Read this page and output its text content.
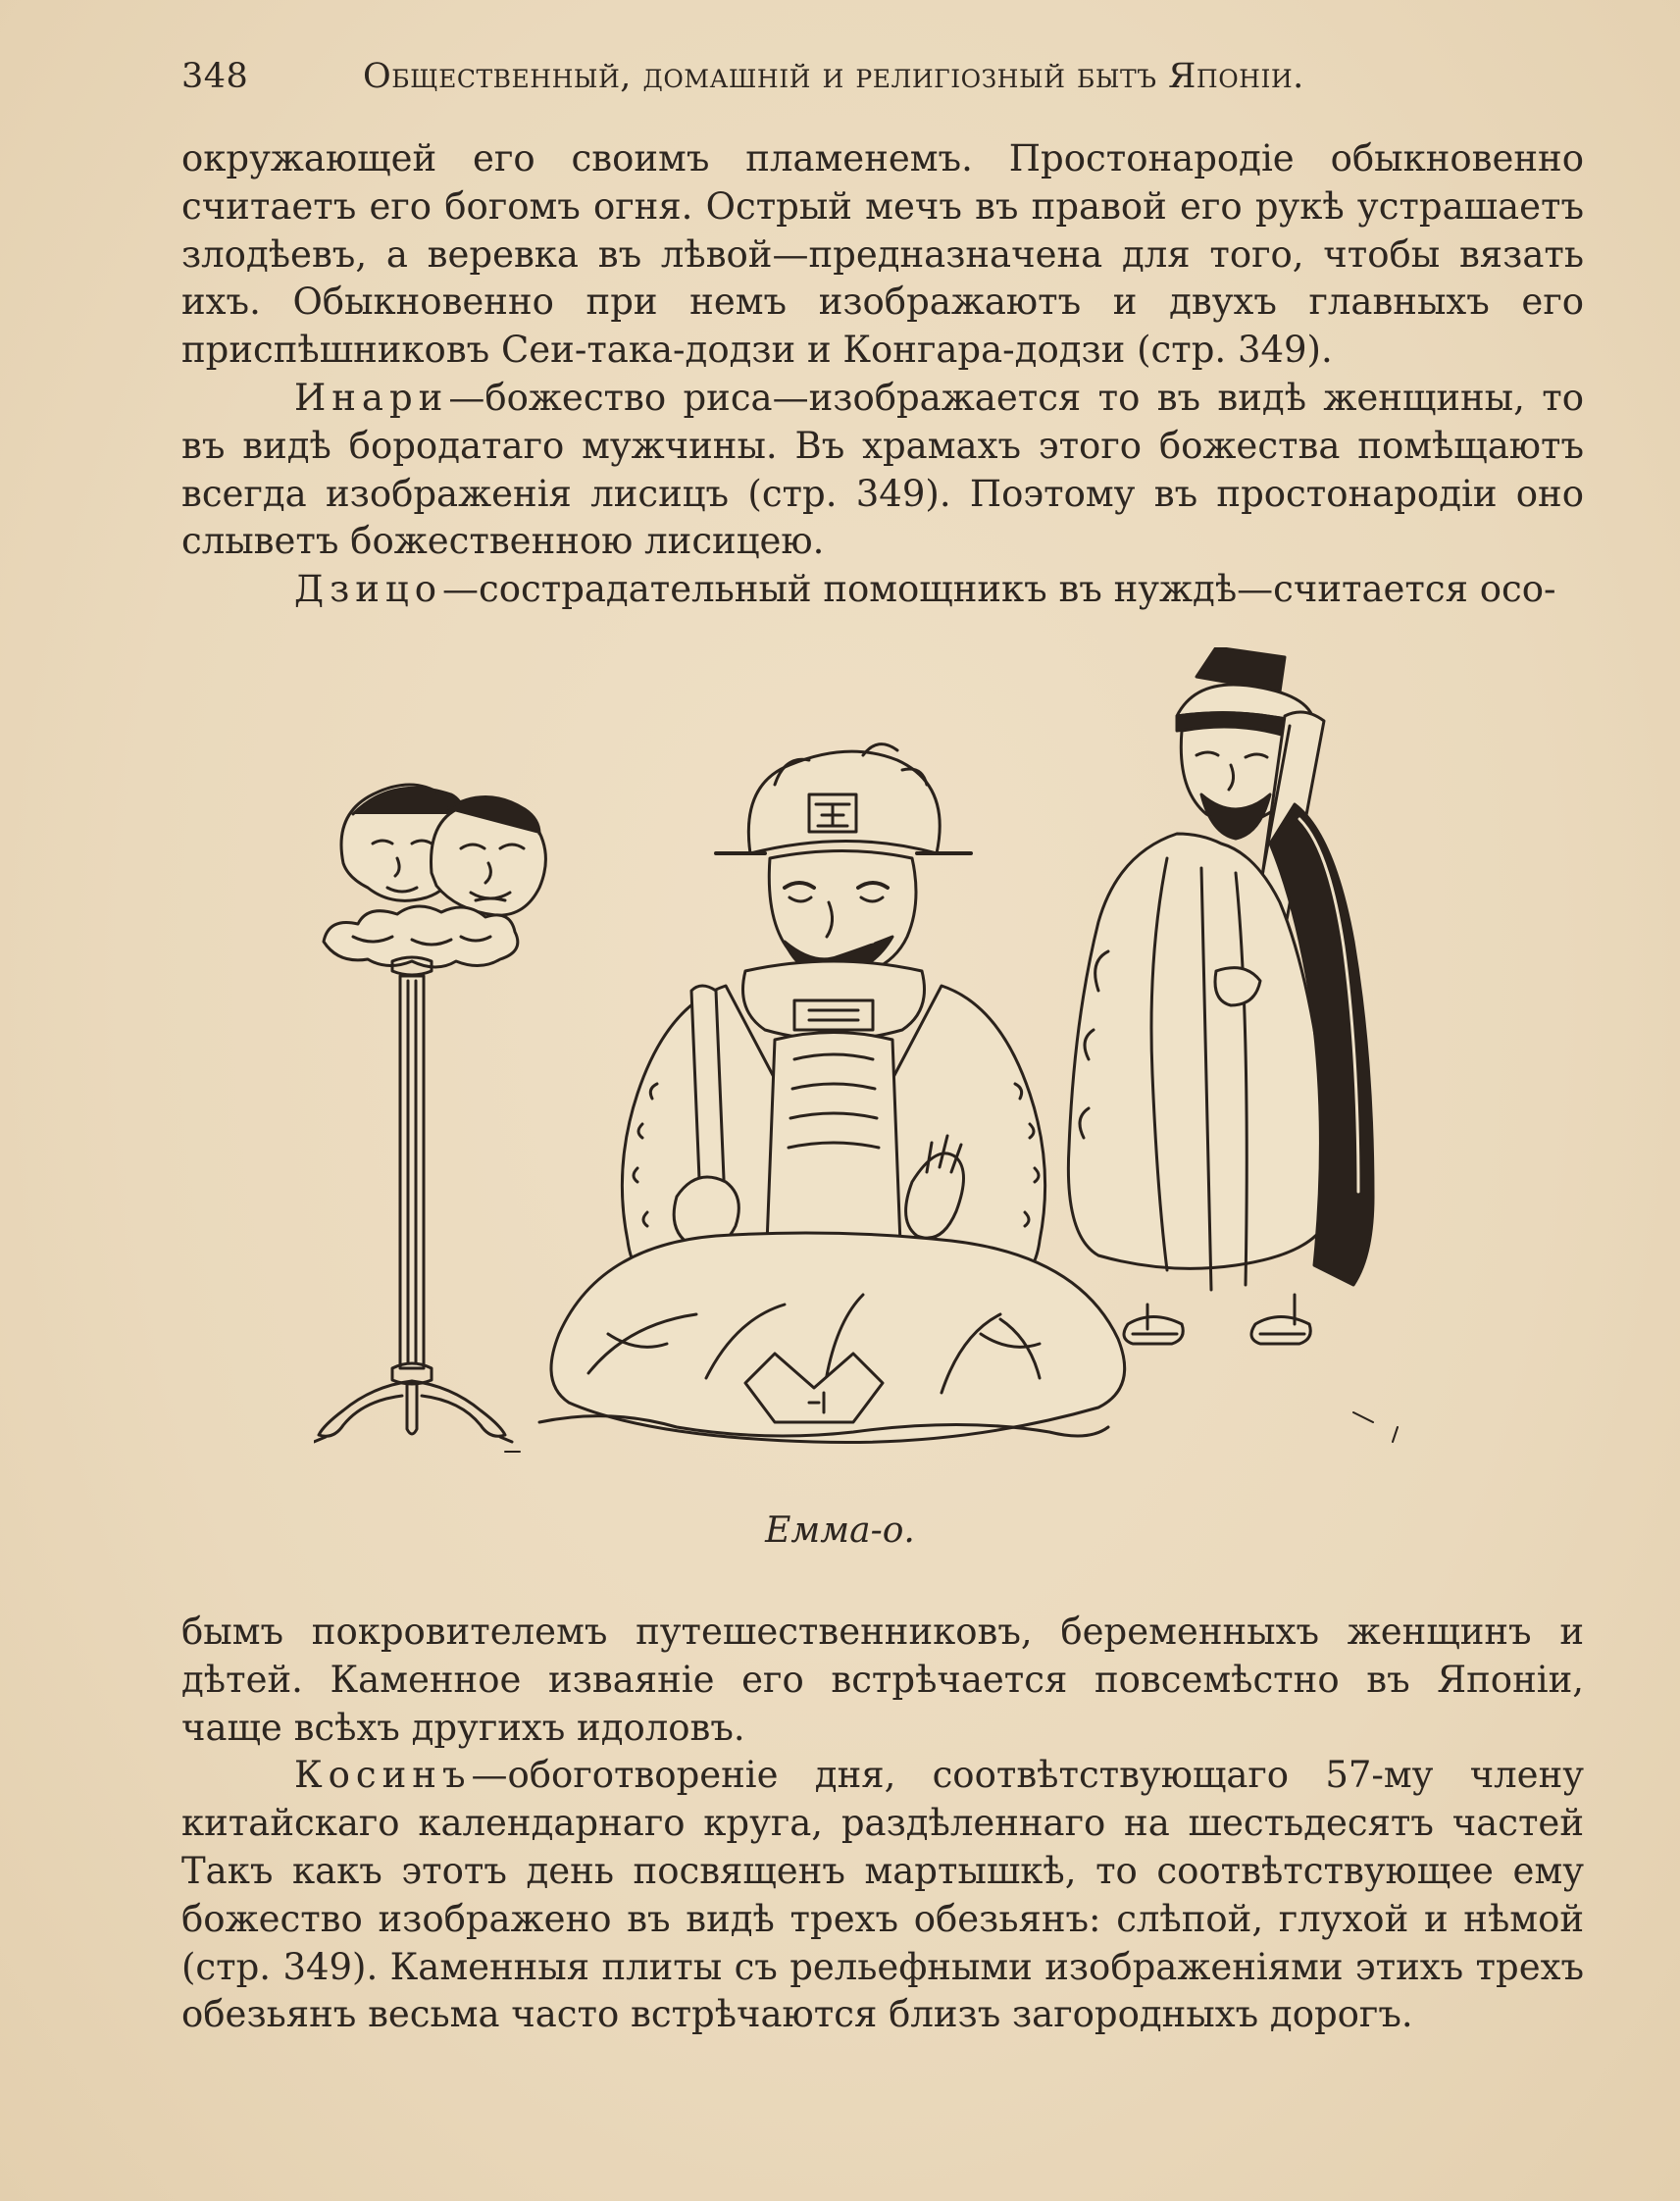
348	Общественный, домашній и религіозный бытъ Японіи.

окружающей его своимъ пламенемъ. Простонародіе обыкновенно считаетъ его богомъ огня. Острый мечъ въ правой его рукѣ устрашаетъ злодѣевъ, а веревка въ лѣвой—предназначена для того, чтобы вязать ихъ. Обыкновенно при немъ изображаютъ и двухъ главныхъ его приспѣшниковъ Сеи-така-додзи и Конгара-додзи (стр. 349).

Инари—божество риса—изображается то въ видѣ женщины, то въ видѣ бородатаго мужчины. Въ храмахъ этого божества помѣщаютъ всегда изображенія лисицъ (стр. 349). Поэтому въ простонародіи оно слыветъ божественною лисицею.

Дзицо—сострадательный помощникъ въ нуждѣ—считается осо-

Емма-о.

бымъ покровителемъ путешественниковъ, беременныхъ женщинъ и дѣтей. Каменное изваяніе его встрѣчается повсемѣстно въ Японіи, чаще всѣхъ другихъ идоловъ.

Косинъ—обоготвореніе дня, соотвѣтствующаго 57-му члену китайскаго календарнаго круга, раздѣленнаго на шестьдесятъ частей Такъ какъ этотъ день посвященъ мартышкѣ, то соотвѣтствующее ему божество изображено въ видѣ трехъ обезьянъ: слѣпой, глухой и нѣмой (стр. 349). Каменныя плиты съ рельефными изображеніями этихъ трехъ обезьянъ весьма часто встрѣчаются близъ загородныхъ дорогъ.
